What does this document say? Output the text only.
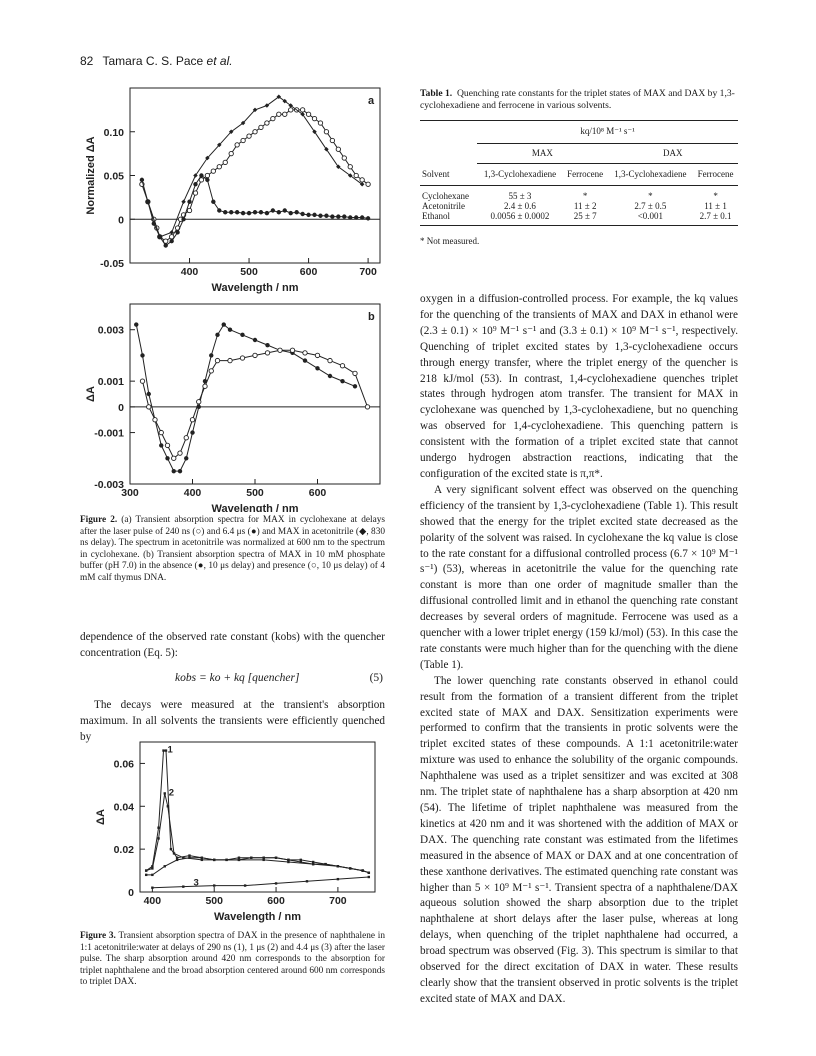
82 Tamara C. S. Pace et al.
400	500	600	700
-0.05
0
0.05
0.10
Wavelength / nm
Normalized ΔA
a
300	400	500	600
-0.003
-0.001
0
0.001
0.003
Wavelength / nm
ΔA
b
Figure 2. (a) Transient absorption spectra for MAX in cyclohexane at delays after the laser pulse of 240 ns (○) and 6.4 μs (●) and MAX in acetonitrile (◆, 830 ns delay). The spectrum in acetonitrile was normalized at 600 nm to the spectrum in cyclohexane. (b) Transient absorption spectra of MAX in 10 mM phosphate buffer (pH 7.0) in the absence (●, 10 μs delay) and presence (○, 10 μs delay) of 4 mM calf thymus DNA.

dependence of the observed rate constant (kobs) with the quencher concentration (Eq. 5):

kobs = ko + kq [quencher]	(5)

The decays were measured at the transient's absorption maximum. In all solvents the transients were efficiently quenched by

400	500	600	700
0
0.02
0.04
0.06
Wavelength / nm
ΔA
1
2
3
Figure 3. Transient absorption spectra of DAX in the presence of naphthalene in 1:1 acetonitrile:water at delays of 290 ns (1), 1 μs (2) and 4.4 μs (3) after the laser pulse. The sharp absorption around 420 nm corresponds to the absorption for triplet naphthalene and the broad absorption centered around 600 nm corresponds to triplet DAX.
Table 1. Quenching rate constants for the triplet states of MAX and DAX by 1,3-cyclohexadiene and ferrocene in various solvents.
	kq/10⁸ M⁻¹ s⁻¹			
	MAX		DAX	
Solvent	1,3-Cyclohexadiene	Ferrocene	1,3-Cyclohexadiene	Ferrocene

Cyclohexane	55 ± 3	*	*	*
Acetonitrile	2.4 ± 0.6	11 ± 2	2.7 ± 0.5	11 ± 1
Ethanol	0.0056 ± 0.0002	25 ± 7	<0.001	2.7 ± 0.1
* Not measured.

oxygen in a diffusion-controlled process. For example, the kq values for the quenching of the transients of MAX and DAX in ethanol were (2.3 ± 0.1) × 10⁹ M⁻¹ s⁻¹ and (3.3 ± 0.1) × 10⁹ M⁻¹ s⁻¹, respectively. Quenching of triplet excited states by 1,3-cyclohexadiene occurs through energy transfer, where the triplet energy of the quencher is 218 kJ/mol (53). In contrast, 1,4-cyclohexadiene quenches triplet states through hydrogen atom transfer. The transient for MAX in cyclohexane was quenched by 1,3-cyclohexadiene, but no quenching was observed for 1,4-cyclohexadiene. This quenching pattern is consistent with the formation of a triplet excited state that cannot undergo hydrogen abstraction reactions, indicating that the configuration of the excited state is π,π*.

A very significant solvent effect was observed on the quenching efficiency of the transient by 1,3-cyclohexadiene (Table 1). This result showed that the energy for the triplet excited state decreased as the polarity of the solvent was raised. In cyclohexane the kq value is close to the rate constant for a diffusional controlled process (6.7 × 10⁹ M⁻¹ s⁻¹) (53), whereas in acetonitrile the value for the quenching rate constant is more than one order of magnitude smaller than the diffusional controlled limit and in ethanol the quenching rate constant decreases by several orders of magnitude. Ferrocene was used as a quencher with a lower triplet energy (159 kJ/mol) (53). In this case the rate constants were much higher than for the quenching with the diene (Table 1).

The lower quenching rate constants observed in ethanol could result from the formation of a transient different from the triplet excited state of MAX and DAX. Sensitization experiments were performed to confirm that the transients in protic solvents were the triplet excited states of these compounds. A 1:1 acetonitrile:water mixture was used to enhance the solubility of the organic compounds. Naphthalene was used as a triplet sensitizer and was excited at 308 nm. The triplet state of naphthalene has a sharp absorption at 420 nm (54). The lifetime of triplet naphthalene was measured from the kinetics at 420 nm and it was shortened with the addition of MAX or DAX. The quenching rate constant was estimated from the lifetimes measured in the absence of MAX or DAX and at one concentration of these xanthone derivatives. The estimated quenching rate constant was higher than 5 × 10⁹ M⁻¹ s⁻¹. Transient spectra of a naphthalene/DAX aqueous solution showed the sharp absorption due to the triplet naphthalene at short delays after the laser pulse, whereas at long delays, when quenching of the triplet naphthalene had occurred, a broad spectrum was observed (Fig. 3). This spectrum is similar to that observed for the direct excitation of DAX in water. These results clearly show that the transient observed in protic solvents is the triplet excited state of MAX and DAX.
